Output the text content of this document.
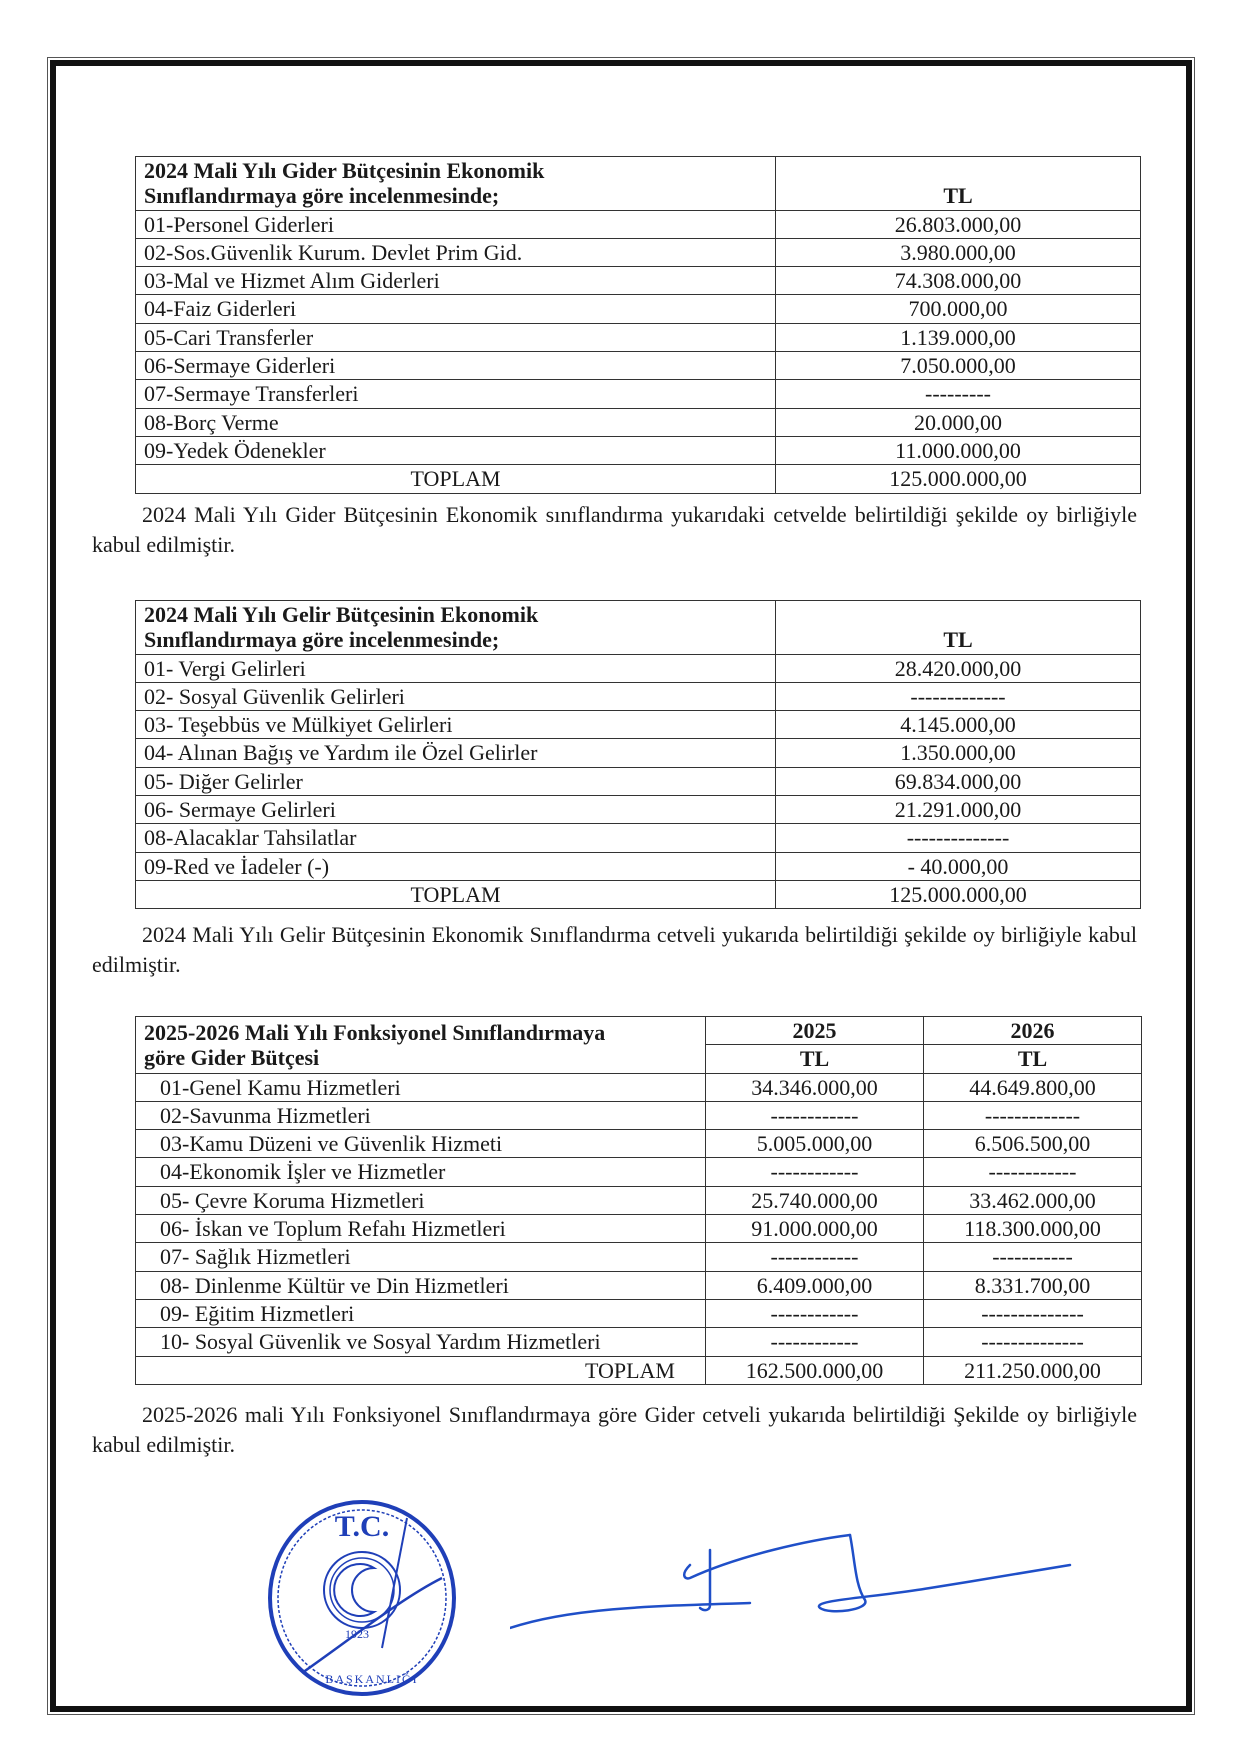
2024 Mali Yılı Gider Bütçesinin Ekonomik
Sınıflandırmaya göre incelenmesinde;	TL
01-Personel Giderleri	26.803.000,00
02-Sos.Güvenlik Kurum. Devlet Prim Gid.	3.980.000,00
03-Mal ve Hizmet Alım Giderleri	74.308.000,00
04-Faiz Giderleri	700.000,00
05-Cari Transferler	1.139.000,00
06-Sermaye Giderleri	7.050.000,00
07-Sermaye Transferleri	---------
08-Borç Verme	20.000,00
09-Yedek Ödenekler	11.000.000,00
TOPLAM	125.000.000,00

2024 Mali Yılı Gider Bütçesinin Ekonomik sınıflandırma yukarıdaki cetvelde belirtildiği şekilde oy birliğiyle kabul edilmiştir.

2024 Mali Yılı Gelir Bütçesinin Ekonomik
Sınıflandırmaya göre incelenmesinde;	TL
01- Vergi Gelirleri	28.420.000,00
02- Sosyal Güvenlik Gelirleri	-------------
03- Teşebbüs ve Mülkiyet Gelirleri	4.145.000,00
04- Alınan Bağış ve Yardım ile Özel Gelirler	1.350.000,00
05- Diğer Gelirler	69.834.000,00
06- Sermaye Gelirleri	21.291.000,00
08-Alacaklar Tahsilatlar	--------------
09-Red ve İadeler (-)	- 40.000,00
TOPLAM	125.000.000,00

2024 Mali Yılı Gelir Bütçesinin Ekonomik Sınıflandırma cetveli yukarıda belirtildiği şekilde oy birliğiyle kabul edilmiştir.

2025-2026 Mali Yılı Fonksiyonel Sınıflandırmaya
göre Gider Bütçesi	2025	2026
	TL	TL
01-Genel Kamu Hizmetleri	34.346.000,00	44.649.800,00
02-Savunma Hizmetleri	------------	-------------
03-Kamu Düzeni ve Güvenlik Hizmeti	5.005.000,00	6.506.500,00
04-Ekonomik İşler ve Hizmetler	------------	------------
05- Çevre Koruma Hizmetleri	25.740.000,00	33.462.000,00
06- İskan ve Toplum Refahı Hizmetleri	91.000.000,00	118.300.000,00
07- Sağlık Hizmetleri	------------	-----------
08- Dinlenme Kültür ve Din Hizmetleri	6.409.000,00	8.331.700,00
09- Eğitim Hizmetleri	------------	--------------
10- Sosyal Güvenlik ve Sosyal Yardım Hizmetleri	------------	--------------
TOPLAM	162.500.000,00	211.250.000,00

2025-2026 mali Yılı Fonksiyonel Sınıflandırmaya göre Gider cetveli yukarıda belirtildiği Şekilde oy birliğiyle kabul edilmiştir.

T.C.
1923
BAŞKANLIĞI
